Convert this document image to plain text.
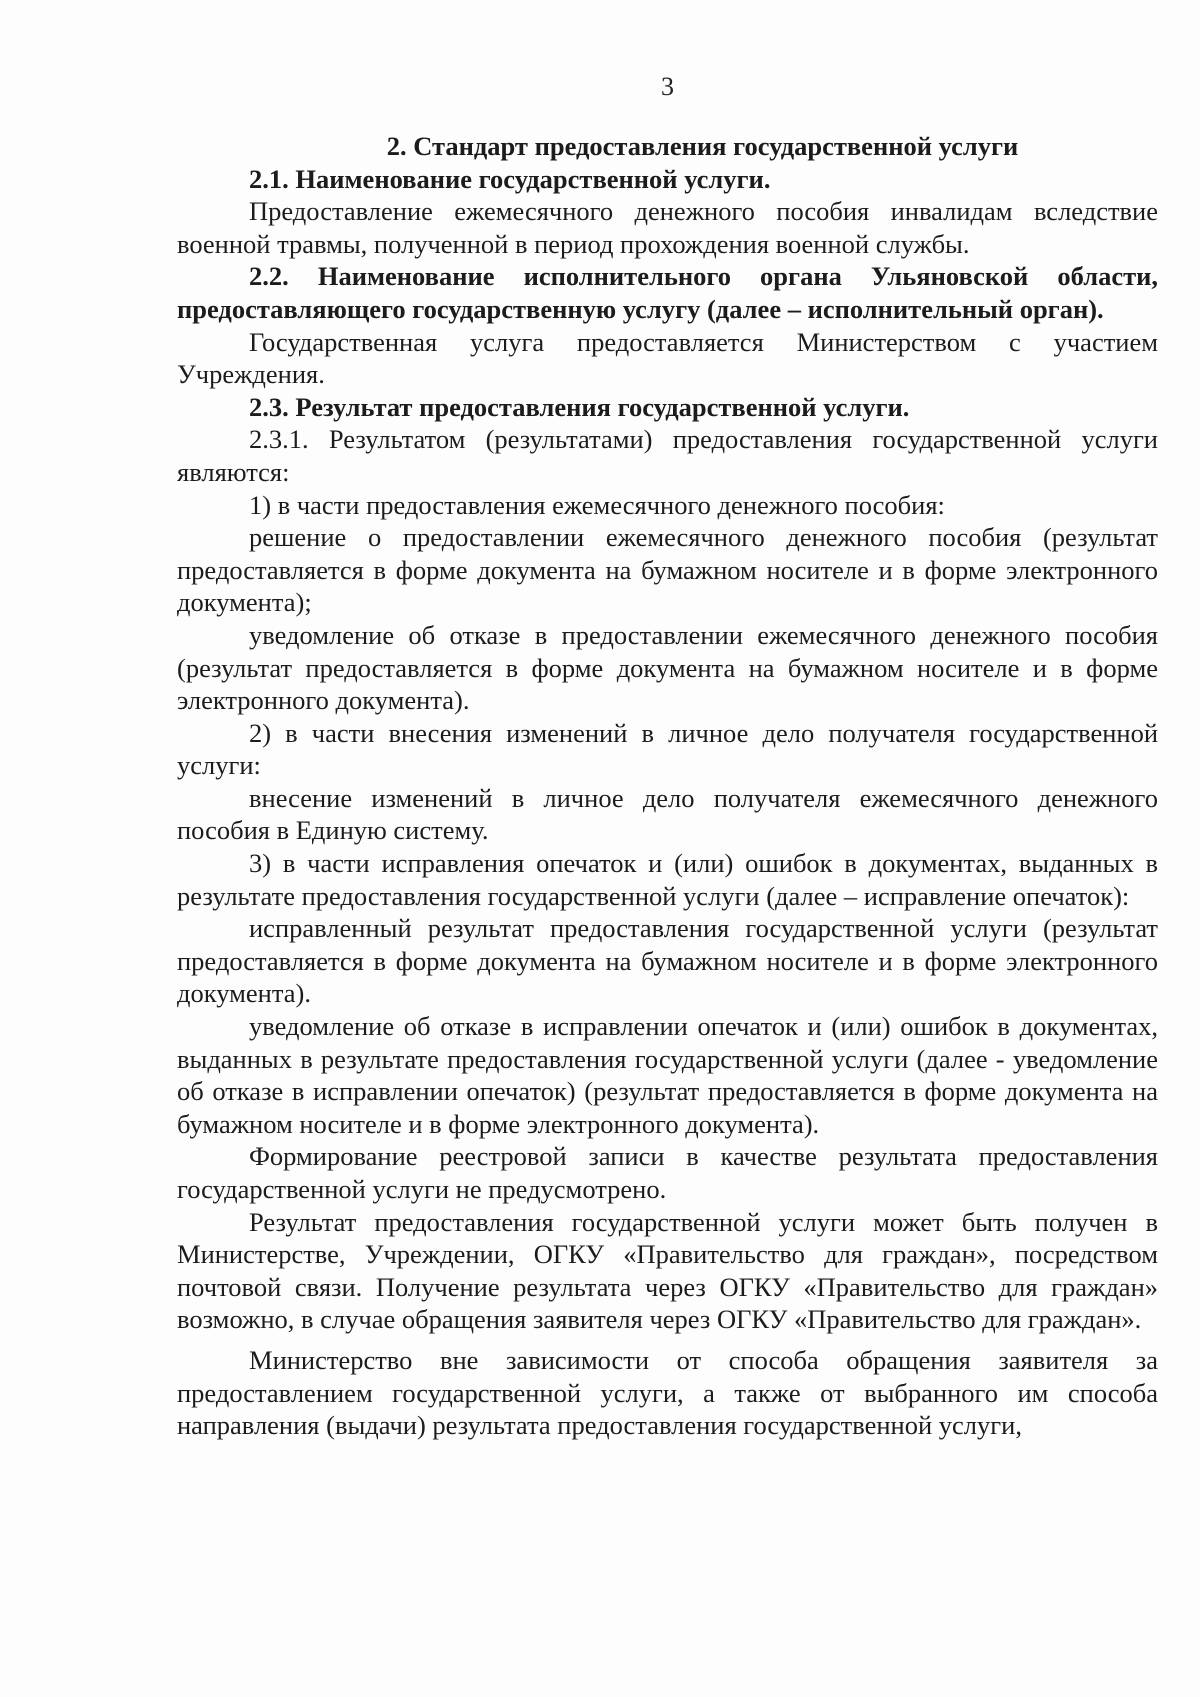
3
2. Стандарт предоставления государственной услуги

2.1. Наименование государственной услуги.

Предоставление ежемесячного денежного пособия инвалидам вследствие военной травмы, полученной в период прохождения военной службы.

2.2. Наименование исполнительного органа Ульяновской области, предоставляющего государственную услугу (далее – исполнительный орган).

Государственная услуга предоставляется Министерством с участием Учреждения.

2.3. Результат предоставления государственной услуги.

2.3.1. Результатом (результатами) предоставления государственной услуги являются:

1) в части предоставления ежемесячного денежного пособия:

решение о предоставлении ежемесячного денежного пособия (результат предоставляется в форме документа на бумажном носителе и в форме электронного документа);

уведомление об отказе в предоставлении ежемесячного денежного пособия (результат предоставляется в форме документа на бумажном носителе и в форме электронного документа).

2) в части внесения изменений в личное дело получателя государственной услуги:

внесение изменений в личное дело получателя ежемесячного денежного пособия в Единую систему.

3) в части исправления опечаток и (или) ошибок в документах, выданных в результате предоставления государственной услуги (далее – исправление опечаток):

исправленный результат предоставления государственной услуги (результат предоставляется в форме документа на бумажном носителе и в форме электронного документа).

уведомление об отказе в исправлении опечаток и (или) ошибок в документах, выданных в результате предоставления государственной услуги (далее - уведомление об отказе в исправлении опечаток) (результат предоставляется в форме документа на бумажном носителе и в форме электронного документа).

Формирование реестровой записи в качестве результата предоставления государственной услуги не предусмотрено.

Результат предоставления государственной услуги может быть получен в Министерстве, Учреждении, ОГКУ «Правительство для граждан», посредством почтовой связи. Получение результата через ОГКУ «Правительство для граждан» возможно, в случае обращения заявителя через ОГКУ «Правительство для граждан».

Министерство вне зависимости от способа обращения заявителя за предоставлением государственной услуги, а также от выбранного им способа направления (выдачи) результата предоставления государственной услуги,
